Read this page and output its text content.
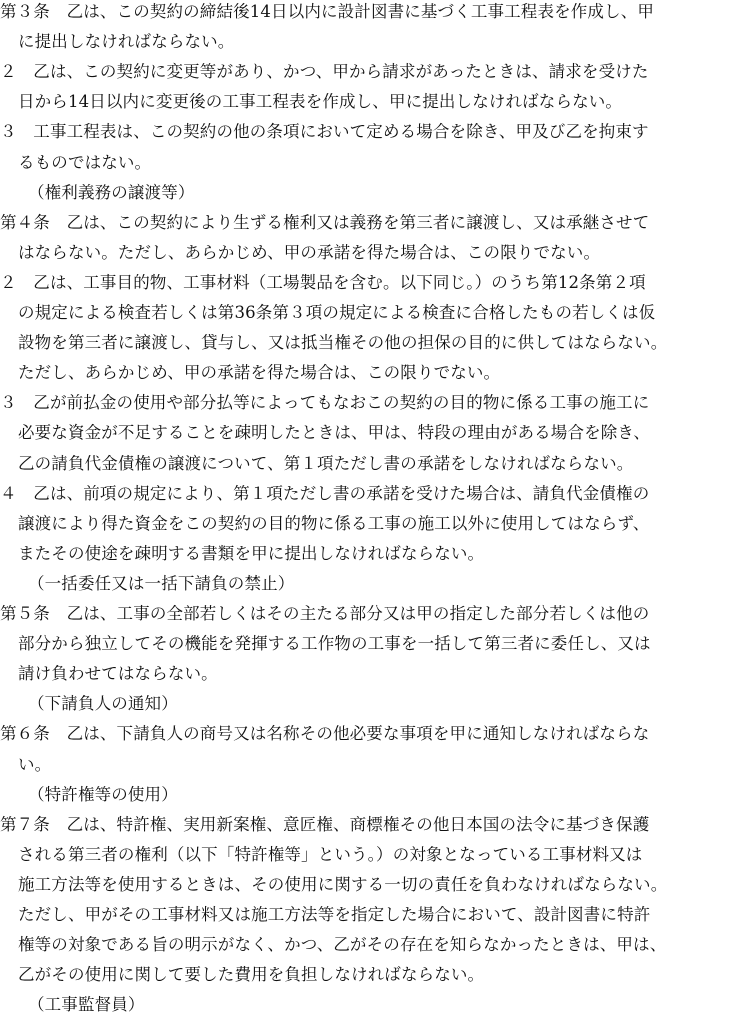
第３条　乙は、この契約の締結後14日以内に設計図書に基づく工事工程表を作成し、甲
に提出しなければならない。
２　乙は、この契約に変更等があり、かつ、甲から請求があったときは、請求を受けた
日から14日以内に変更後の工事工程表を作成し、甲に提出しなければならない。
３　工事工程表は、この契約の他の条項において定める場合を除き、甲及び乙を拘束す
るものではない。
（権利義務の譲渡等）
第４条　乙は、この契約により生ずる権利又は義務を第三者に譲渡し、又は承継させて
はならない。ただし、あらかじめ、甲の承諾を得た場合は、この限りでない。
２　乙は、工事目的物、工事材料（工場製品を含む。以下同じ。）のうち第12条第２項
の規定による検査若しくは第36条第３項の規定による検査に合格したもの若しくは仮
設物を第三者に譲渡し、貸与し、又は抵当権その他の担保の目的に供してはならない。
ただし、あらかじめ、甲の承諾を得た場合は、この限りでない。
３　乙が前払金の使用や部分払等によってもなおこの契約の目的物に係る工事の施工に
必要な資金が不足することを疎明したときは、甲は、特段の理由がある場合を除き、
乙の請負代金債権の譲渡について、第１項ただし書の承諾をしなければならない。
４　乙は、前項の規定により、第１項ただし書の承諾を受けた場合は、請負代金債権の
譲渡により得た資金をこの契約の目的物に係る工事の施工以外に使用してはならず、
またその使途を疎明する書類を甲に提出しなければならない。
（一括委任又は一括下請負の禁止）
第５条　乙は、工事の全部若しくはその主たる部分又は甲の指定した部分若しくは他の
部分から独立してその機能を発揮する工作物の工事を一括して第三者に委任し、又は
請け負わせてはならない。
（下請負人の通知）
第６条　乙は、下請負人の商号又は名称その他必要な事項を甲に通知しなければならな
い。
（特許権等の使用）
第７条　乙は、特許権、実用新案権、意匠権、商標権その他日本国の法令に基づき保護
される第三者の権利（以下「特許権等」という。）の対象となっている工事材料又は
施工方法等を使用するときは、その使用に関する一切の責任を負わなければならない。
ただし、甲がその工事材料又は施工方法等を指定した場合において、設計図書に特許
権等の対象である旨の明示がなく、かつ、乙がその存在を知らなかったときは、甲は、
乙がその使用に関して要した費用を負担しなければならない。
（工事監督員）
